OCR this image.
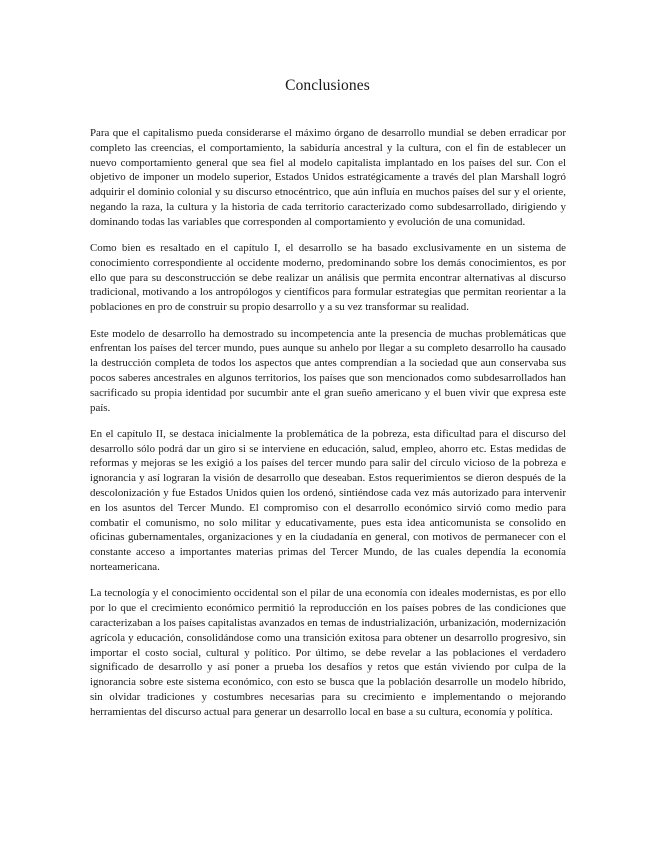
Conclusiones

Para que el capitalismo pueda considerarse el máximo órgano de desarrollo mundial se deben erradicar por completo las creencias, el comportamiento, la sabiduría ancestral y la cultura, con el fin de establecer un nuevo comportamiento general que sea fiel al modelo capitalista implantado en los países del sur. Con el objetivo de imponer un modelo superior, Estados Unidos estratégicamente a través del plan Marshall logró adquirir el dominio colonial y su discurso etnocéntrico, que aún influía en muchos países del sur y el oriente, negando la raza, la cultura y la historia de cada territorio caracterizado como subdesarrollado, dirigiendo y dominando todas las variables que corresponden al comportamiento y evolución de una comunidad.

Como bien es resaltado en el capítulo I, el desarrollo se ha basado exclusivamente en un sistema de conocimiento correspondiente al occidente moderno, predominando sobre los demás conocimientos, es por ello que para su desconstrucción se debe realizar un análisis que permita encontrar alternativas al discurso tradicional, motivando a los antropólogos y científicos para formular estrategias que permitan reorientar a la poblaciones en pro de construir su propio desarrollo y a su vez transformar su realidad.

Este modelo de desarrollo ha demostrado su incompetencia ante la presencia de muchas problemáticas que enfrentan los países del tercer mundo, pues aunque su anhelo por llegar a su completo desarrollo ha causado la destrucción completa de todos los aspectos que antes comprendían a la sociedad que aun conservaba sus pocos saberes ancestrales en algunos territorios, los países que son mencionados como subdesarrollados han sacrificado su propia identidad por sucumbir ante el gran sueño americano y el buen vivir que expresa este país.

En el capítulo II, se destaca inicialmente la problemática de la pobreza, esta dificultad para el discurso del desarrollo sólo podrá dar un giro si se interviene en educación, salud, empleo, ahorro etc. Estas medidas de reformas y mejoras se les exigió a los países del tercer mundo para salir del círculo vicioso de la pobreza e ignorancia y así lograran la visión de desarrollo que deseaban. Estos requerimientos se dieron después de la descolonización y fue Estados Unidos quien los ordenó, sintiéndose cada vez más autorizado para intervenir en los asuntos del Tercer Mundo. El compromiso con el desarrollo económico sirvió como medio para combatir el comunismo, no solo militar y educativamente, pues esta idea anticomunista se consolido en oficinas gubernamentales, organizaciones y en la ciudadanía en general, con motivos de permanecer con el constante acceso a importantes materias primas del Tercer Mundo, de las cuales dependía la economía norteamericana.

La tecnología y el conocimiento occidental son el pilar de una economía con ideales modernistas, es por ello por lo que el crecimiento económico permitió la reproducción en los países pobres de las condiciones que caracterizaban a los países capitalistas avanzados en temas de industrialización, urbanización, modernización agrícola y educación, consolidándose como una transición exitosa para obtener un desarrollo progresivo, sin importar el costo social, cultural y político. Por último, se debe revelar a las poblaciones el verdadero significado de desarrollo y así poner a prueba los desafíos y retos que están viviendo por culpa de la ignorancia sobre este sistema económico, con esto se busca que la población desarrolle un modelo híbrido, sin olvidar tradiciones y costumbres necesarias para su crecimiento e implementando o mejorando herramientas del discurso actual para generar un desarrollo local en base a su cultura, economía y política.
